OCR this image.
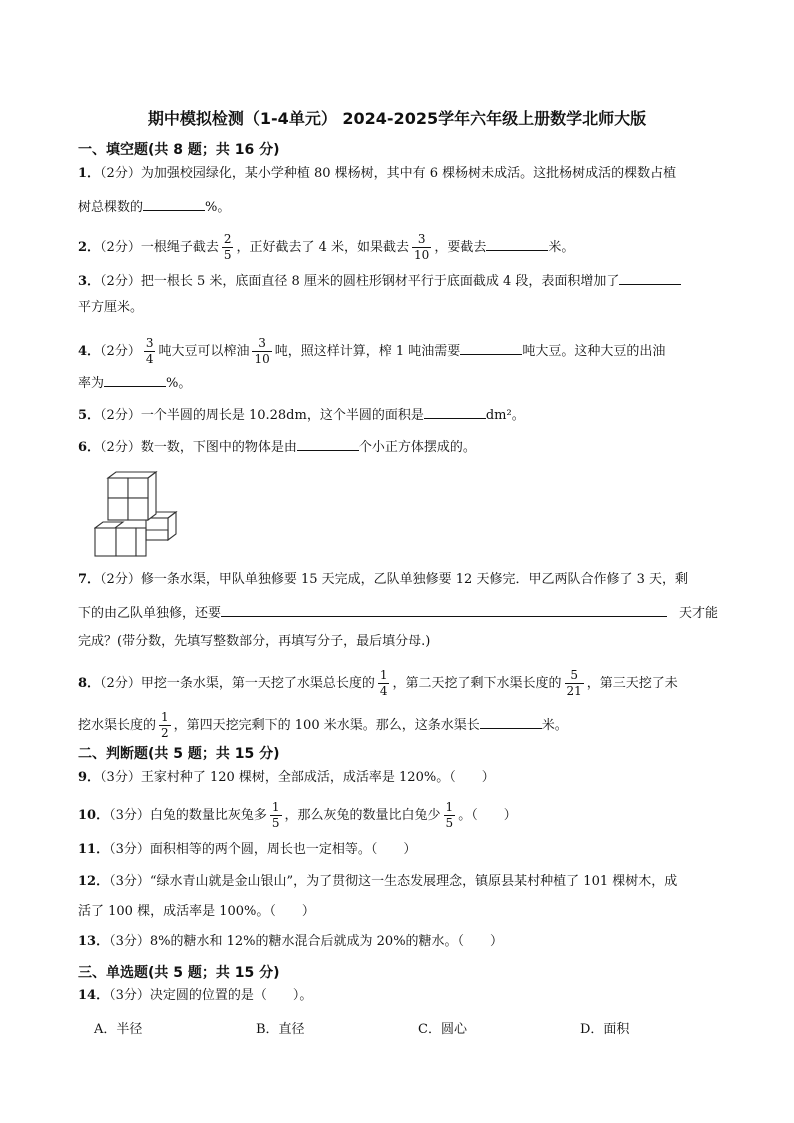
期中模拟检测（1-4单元） 2024-2025学年六年级上册数学北师大版
一、填空题(共 8 题；共 16 分)
1．（2分）为加强校园绿化，某小学种植 80 棵杨树，其中有 6 棵杨树未成活。这批杨树成活的棵数占植
树总棵数的	%。
2．（2分）一根绳子截去 $\frac{2}{5}$ ，正好截去了 4 米，如果截去 $\frac{3}{10}$ ，要截去	米。
3．（2分）把一根长 5 米，底面直径 8 厘米的圆柱形钢材平行于底面截成 4 段，表面积增加了
平方厘米。
4．（2分） $\frac{3}{4}$ 吨大豆可以榨油 $\frac{3}{10}$ 吨，照这样计算，榨 1 吨油需要	吨大豆。这种大豆的出油
率为	%。
5．（2分）一个半圆的周长是 10.28dm，这个半圆的面积是	dm²。
6．（2分）数一数，下图中的物体是由	个小正方体摆成的。
7．（2分）修一条水渠，甲队单独修要 15 天完成，乙队单独修要 12 天修完．甲乙两队合作修了 3 天，剩
下的由乙队单独修，还要	天才能
完成？(带分数，先填写整数部分，再填写分子，最后填分母.)
8．（2分）甲挖一条水渠，第一天挖了水渠总长度的 $\frac{1}{4}$ ，第二天挖了剩下水渠长度的 $\frac{5}{21}$ ，第三天挖了未
挖水渠长度的 $\frac{1}{2}$ ，第四天挖完剩下的 100 米水渠。那么，这条水渠长	米。
二、判断题(共 5 题；共 15 分)
9．（3分）王家村种了 120 棵树，全部成活，成活率是 120%。（　　）
10．（3分）白兔的数量比灰兔多 $\frac{1}{5}$ ，那么灰兔的数量比白兔少 $\frac{1}{5}$ 。（　　）
11．（3分）面积相等的两个圆，周长也一定相等。（　　）
12．（3分）“绿水青山就是金山银山”，为了贯彻这一生态发展理念，镇原县某村种植了 101 棵树木，成
活了 100 棵，成活率是 100%。（　　）
13．（3分）8%的糖水和 12%的糖水混合后就成为 20%的糖水。（　　）
三、单选题(共 5 题；共 15 分)
14．（3分）决定圆的位置的是（　　）。
A．半径	B．直径	C．圆心	D．面积
